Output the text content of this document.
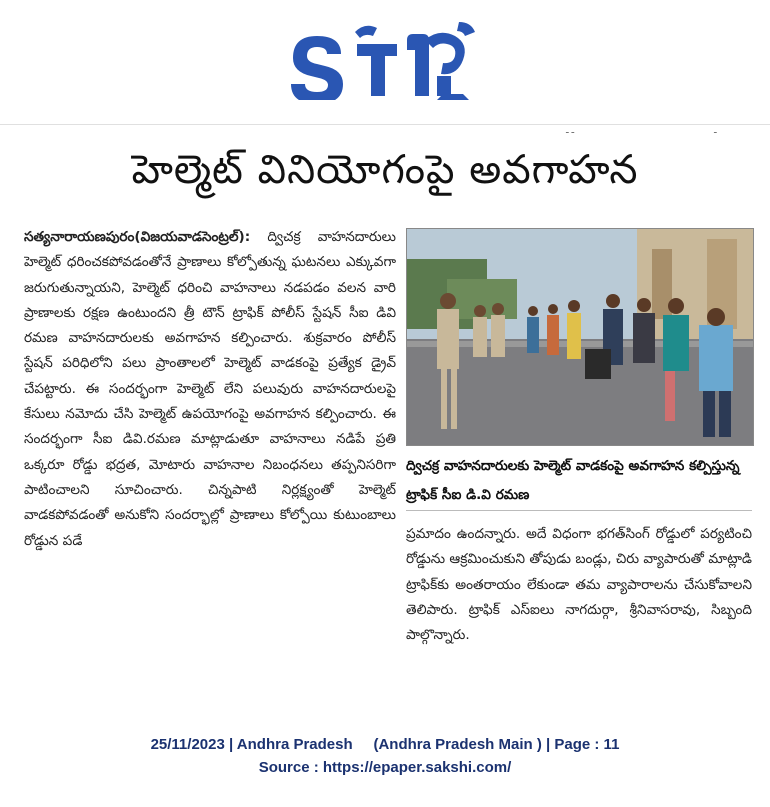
ـ ـ	ـ
హెల్మెట్ వినియోగంపై అవగాహన
సత్యనారాయణపురం(విజయవాడసెంట్రల్): ద్విచక్ర వాహనదారులు హెల్మెట్ ధరించకపోవడంతోనే ప్రాణాలు కోల్పోతున్న ఘటనలు ఎక్కువగా జరుగుతున్నాయని, హెల్మెట్ ధరించి వాహనాలు నడపడం వలన వారి ప్రాణాలకు రక్షణ ఉంటుందని త్రీ టౌన్ ట్రాఫిక్ పోలీస్ స్టేషన్ సీఐ డివి రమణ వాహనదారులకు అవగాహన కల్పించారు. శుక్రవారం పోలీస్ స్టేషన్ పరిధిలోని పలు ప్రాంతాలలో హెల్మెట్ వాడకంపై ప్రత్యేక డ్రైవ్ చేపట్టారు. ఈ సందర్భంగా హెల్మెట్ లేని పలువురు వాహనదారులపై కేసులు నమోదు చేసి హెల్మెట్ ఉపయోగంపై అవగాహన కల్పించారు. ఈ సందర్భంగా సీఐ డివి.రమణ మాట్లాడుతూ వాహనాలు నడిపే ప్రతి ఒక్కరూ రోడ్డు భద్రత, మోటారు వాహనాల నిబంధనలు తప్పనిసరిగా పాటించాలని సూచించారు. చిన్నపాటి నిర్లక్ష్యంతో హెల్మెట్ వాడకపోవడంతో అనుకోని సందర్భాల్లో ప్రాణాలు కోల్పోయి కుటుంబాలు రోడ్డున పడే
ద్విచక్ర వాహనదారులకు హెల్మెట్ వాడకంపై అవగాహన కల్పిస్తున్న ట్రాఫిక్ సీఐ డి.వి రమణ
ప్రమాదం ఉందన్నారు. అదే విధంగా భగత్‌సింగ్ రోడ్డులో పర్యటించి రోడ్డును ఆక్రమించుకుని తోపుడు బండ్లు, చిరు వ్యాపారుతో మాట్లాడి ట్రాఫిక్‌కు అంతరాయం లేకుండా తమ వ్యాపారాలను చేసుకోవాలని తెలిపారు. ట్రాఫిక్ ఎస్ఐలు నాగదుర్గా, శ్రీనివాసరావు, సిబ్బంది పాల్గొన్నారు.
25/11/2023 | Andhra Pradesh     (Andhra Pradesh Main ) | Page : 11
Source : https://epaper.sakshi.com/
